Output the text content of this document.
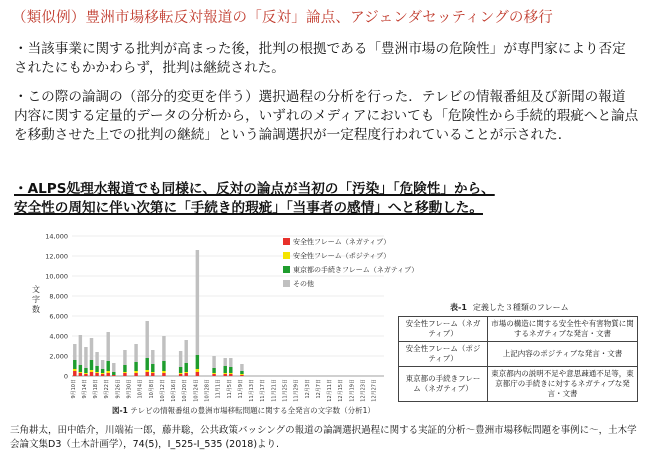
（類似例）豊洲市場移転反対報道の「反対」論点、アジェンダセッティングの移行
・当該事業に関する批判が高まった後，批判の根拠である「豊洲市場の危険性」が専門家により否定されたにもかかわらず，批判は継続された。
・この際の論調の（部分的変更を伴う）選択過程の分析を行った．テレビの情報番組及び新聞の報道内容に関する定量的データの分析から，いずれのメディアにおいても「危険性から手続的瑕疵へと論点を移動させた上での批判の継続」という論調選択が一定程度行われていることが示された．
・ALPS処理水報道でも同様に、反対の論点が当初の「汚染」「危険性」から、
安全性の周知に伴い次第に「手続き的瑕疵」「当事者の感情」へと移動した。
0
2,000
4,000
6,000
8,000
10,000
12,000
14,000
文
字
数
9月10日 9月14日 9月18日 9月22日 9月26日 9月30日 10月4日 10月8日 10月12日 10月16日 10月20日 10月24日 10月28日 11月1日 11月5日 11月9日 11月13日 11月17日 11月21日 11月25日 11月29日 12月3日 12月7日 12月11日 12月15日 12月19日 12月23日 12月27日
安全性フレーム（ネガティブ）
安全性フレーム（ポジティブ）
東京都の手続きフレーム（ネガティブ）
その他
図-1 テレビの情報番組の豊洲市場移転問題に関する全発言の文字数（分析1）
表-1 定義した３種類のフレーム
安全性フレーム（ネガティブ）	市場の構造に関する安全性や有害物質に関するネガティブな発言・文書
安全性フレーム（ポジティブ）	上記内容のポジティブな発言・文書
東京都の手続きフレーム（ネガティブ）	東京都内の説明不足や意思疎通不足等，東京都庁の手続きに対するネガティブな発言・文書
三角耕太，田中皓介，川端祐一郎，藤井聡，公共政策バッシングの報道の論調選択過程に関する実証的分析～豊洲市場移転問題を事例に～，土木学会論文集D3（土木計画学），74(5)，I_525-I_535 (2018)より.
